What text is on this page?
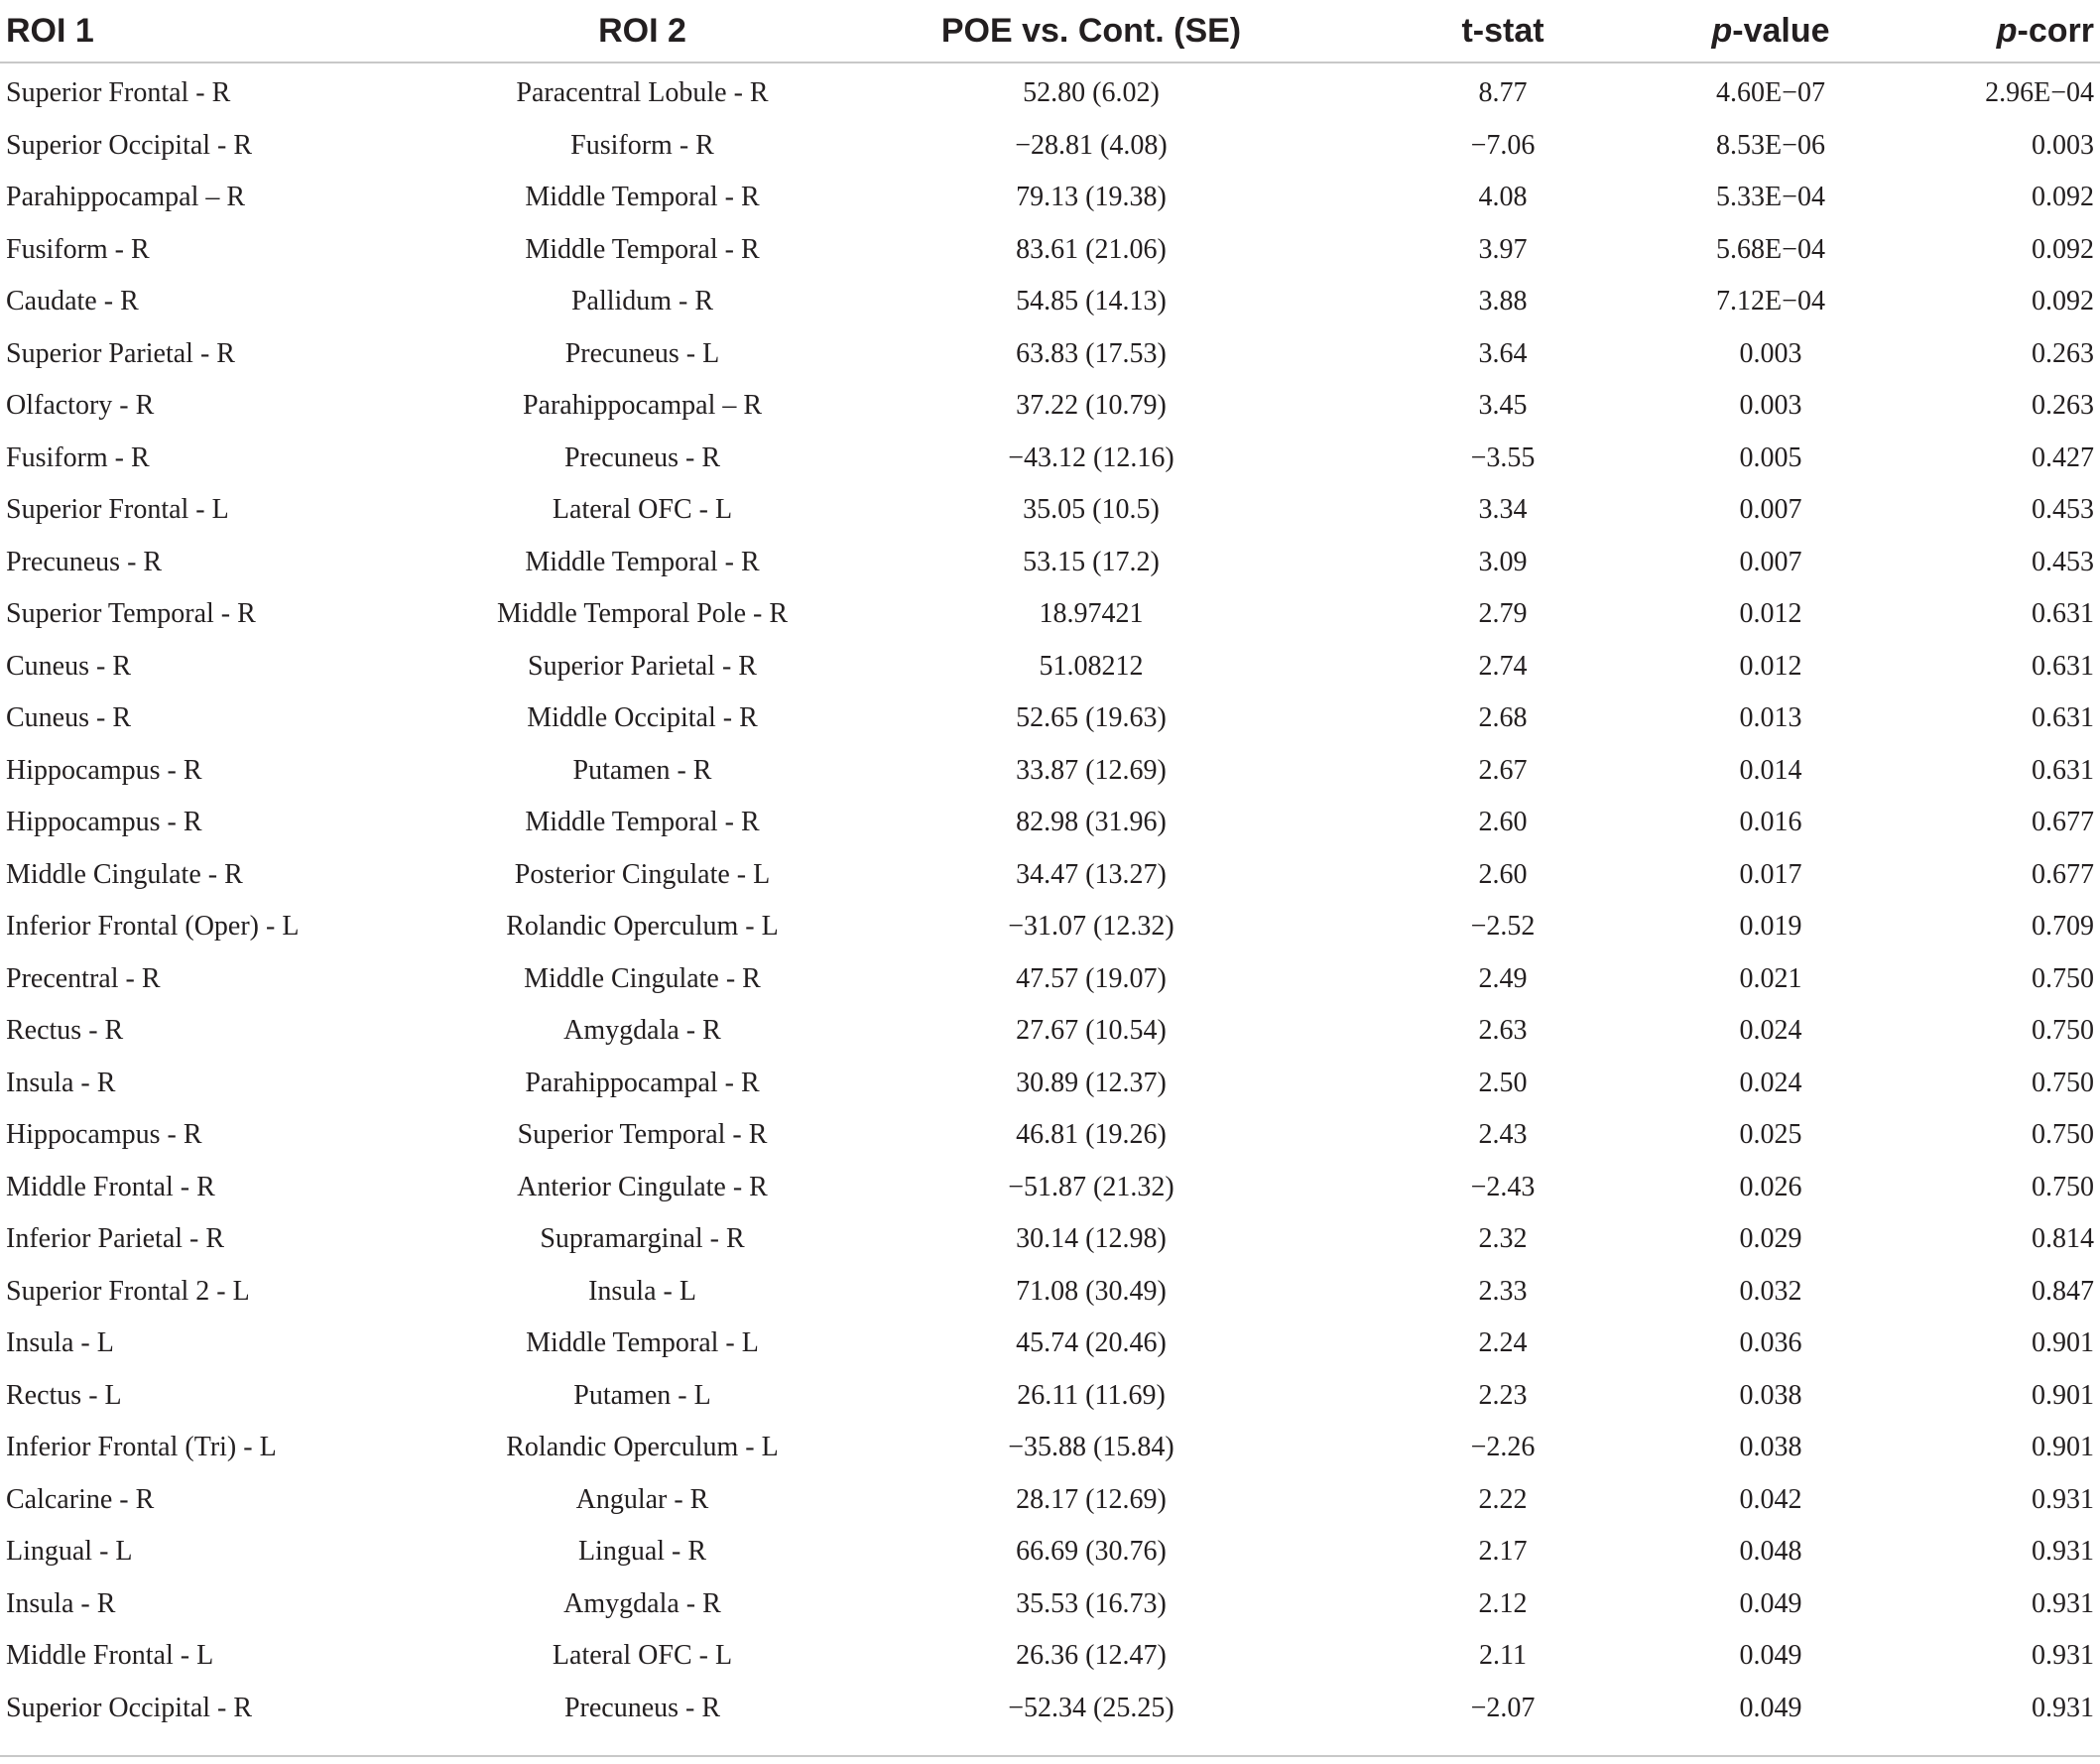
ROI 1	ROI 2	POE vs. Cont. (SE)	t-stat	p-value	p-corr
Superior Frontal - R	Paracentral Lobule - R	52.80 (6.02)	8.77	4.60E−07	2.96E−04
Superior Occipital - R	Fusiform - R	−28.81 (4.08)	−7.06	8.53E−06	0.003
Parahippocampal – R	Middle Temporal - R	79.13 (19.38)	4.08	5.33E−04	0.092
Fusiform - R	Middle Temporal - R	83.61 (21.06)	3.97	5.68E−04	0.092
Caudate - R	Pallidum - R	54.85 (14.13)	3.88	7.12E−04	0.092
Superior Parietal - R	Precuneus - L	63.83 (17.53)	3.64	0.003	0.263
Olfactory - R	Parahippocampal – R	37.22 (10.79)	3.45	0.003	0.263
Fusiform - R	Precuneus - R	−43.12 (12.16)	−3.55	0.005	0.427
Superior Frontal - L	Lateral OFC - L	35.05 (10.5)	3.34	0.007	0.453
Precuneus - R	Middle Temporal - R	53.15 (17.2)	3.09	0.007	0.453
Superior Temporal - R	Middle Temporal Pole - R	18.97421	2.79	0.012	0.631
Cuneus - R	Superior Parietal - R	51.08212	2.74	0.012	0.631
Cuneus - R	Middle Occipital - R	52.65 (19.63)	2.68	0.013	0.631
Hippocampus - R	Putamen - R	33.87 (12.69)	2.67	0.014	0.631
Hippocampus - R	Middle Temporal - R	82.98 (31.96)	2.60	0.016	0.677
Middle Cingulate - R	Posterior Cingulate - L	34.47 (13.27)	2.60	0.017	0.677
Inferior Frontal (Oper) - L	Rolandic Operculum - L	−31.07 (12.32)	−2.52	0.019	0.709
Precentral - R	Middle Cingulate - R	47.57 (19.07)	2.49	0.021	0.750
Rectus - R	Amygdala - R	27.67 (10.54)	2.63	0.024	0.750
Insula - R	Parahippocampal - R	30.89 (12.37)	2.50	0.024	0.750
Hippocampus - R	Superior Temporal - R	46.81 (19.26)	2.43	0.025	0.750
Middle Frontal - R	Anterior Cingulate - R	−51.87 (21.32)	−2.43	0.026	0.750
Inferior Parietal - R	Supramarginal - R	30.14 (12.98)	2.32	0.029	0.814
Superior Frontal 2 - L	Insula - L	71.08 (30.49)	2.33	0.032	0.847
Insula - L	Middle Temporal - L	45.74 (20.46)	2.24	0.036	0.901
Rectus - L	Putamen - L	26.11 (11.69)	2.23	0.038	0.901
Inferior Frontal (Tri) - L	Rolandic Operculum - L	−35.88 (15.84)	−2.26	0.038	0.901
Calcarine - R	Angular - R	28.17 (12.69)	2.22	0.042	0.931
Lingual - L	Lingual - R	66.69 (30.76)	2.17	0.048	0.931
Insula - R	Amygdala - R	35.53 (16.73)	2.12	0.049	0.931
Middle Frontal - L	Lateral OFC - L	26.36 (12.47)	2.11	0.049	0.931
Superior Occipital - R	Precuneus - R	−52.34 (25.25)	−2.07	0.049	0.931
